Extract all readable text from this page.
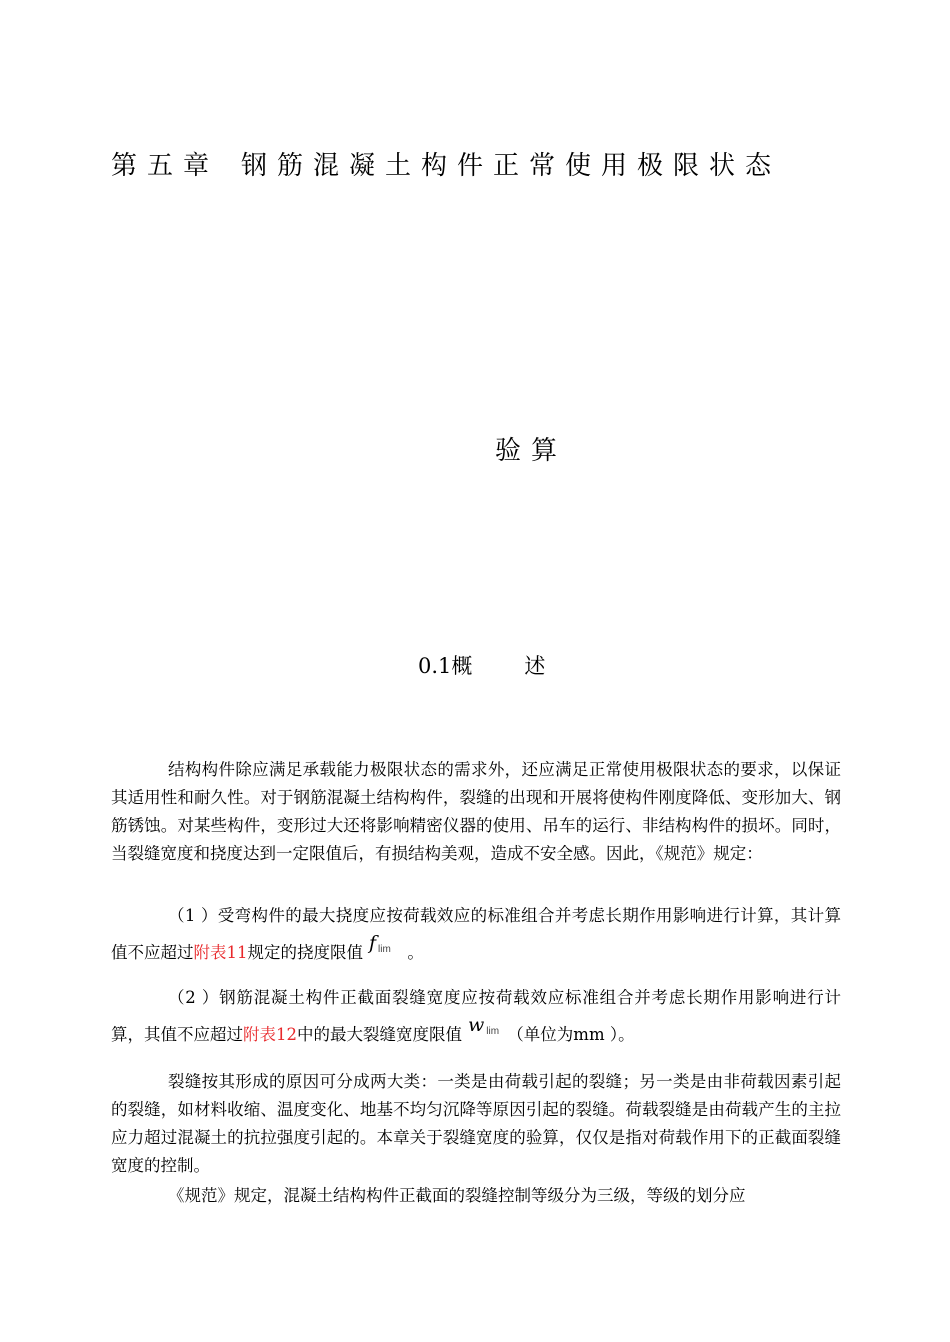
第五章 钢筋混凝土构件正常使用极限状态
验算
0.1概 述
结构构件除应满足承载能力极限状态的需求外，还应满足正常使用极限状态的要求，以保证其适用性和耐久性。对于钢筋混凝土结构构件，裂缝的出现和开展将使构件刚度降低、变形加大、钢筋锈蚀。对某些构件，变形过大还将影响精密仪器的使用、吊车的运行、非结构构件的损坏。同时，当裂缝宽度和挠度达到一定限值后，有损结构美观，造成不安全感。因此，《规范》规定：
（1 ）受弯构件的最大挠度应按荷载效应的标准组合并考虑长期作用影响进行计算，其计算值不应超过附表11规定的挠度限值 f lim  。
（2 ）钢筋混凝土构件正截面裂缝宽度应按荷载效应标准组合并考虑长期作用影响进行计算，其值不应超过附表12中的最大裂缝宽度限值 w lim  （单位为mm ）。
裂缝按其形成的原因可分成两大类：一类是由荷载引起的裂缝；另一类是由非荷载因素引起的裂缝，如材料收缩、温度变化、地基不均匀沉降等原因引起的裂缝。荷载裂缝是由荷载产生的主拉应力超过混凝土的抗拉强度引起的。本章关于裂缝宽度的验算，仅仅是指对荷载作用下的正截面裂缝宽度的控制。
《规范》规定，混凝土结构构件正截面的裂缝控制等级分为三级，等级的划分应
